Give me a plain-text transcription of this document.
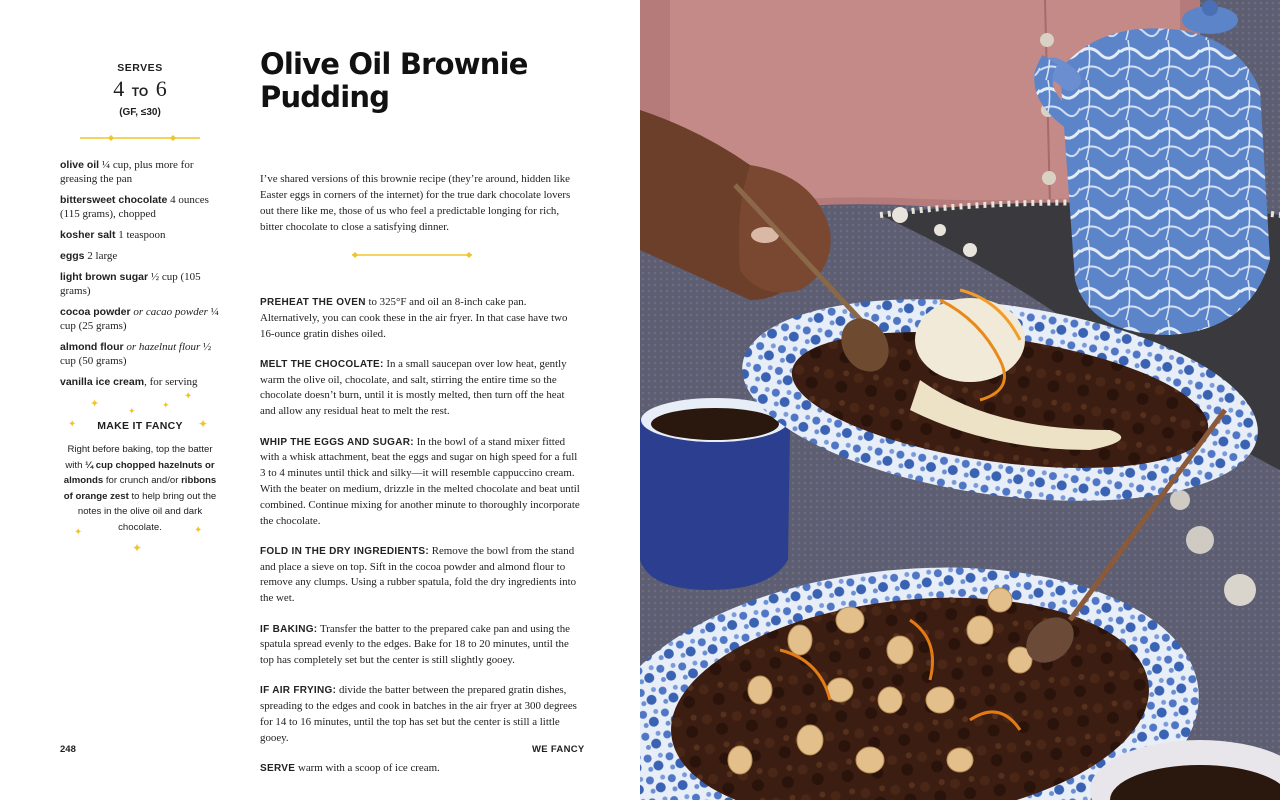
SERVES
4 TO 6
(GF, ≤30)
olive oil ¼ cup, plus more for greasing the pan
bittersweet chocolate 4 ounces (115 grams), chopped
kosher salt 1 teaspoon
eggs 2 large
light brown sugar ½ cup (105 grams)
cocoa powder or cacao powder ¼ cup (25 grams)
almond flour or hazelnut flour ½ cup (50 grams)
vanilla ice cream, for serving
✦
✦
✦
✦
✦	✦
✦	✦
✦
MAKE IT FANCY

Right before baking, top the batter with ¼ cup chopped hazelnuts or almonds for crunch and/or ribbons of orange zest to help bring out the notes in the olive oil and dark chocolate.

Olive Oil Brownie Pudding

I’ve shared versions of this brownie recipe (they’re around, hidden like Easter eggs in corners of the internet) for the true dark chocolate lovers out there like me, those of us who feel a predictable longing for rich, bitter chocolate to close a satisfying dinner.

PREHEAT THE OVEN to 325°F and oil an 8-inch cake pan. Alternatively, you can cook these in the air fryer. In that case have two 16-ounce gratin dishes oiled.

MELT THE CHOCOLATE: In a small saucepan over low heat, gently warm the olive oil, chocolate, and salt, stirring the entire time so the chocolate doesn’t burn, until it is mostly melted, then turn off the heat and allow any residual heat to melt the rest.

WHIP THE EGGS AND SUGAR: In the bowl of a stand mixer fitted with a whisk attachment, beat the eggs and sugar on high speed for a full 3 to 4 minutes until thick and silky—it will resemble cappuccino cream. With the beater on medium, drizzle in the melted chocolate and beat until combined. Continue mixing for another minute to thoroughly incorporate the chocolate.

FOLD IN THE DRY INGREDIENTS: Remove the bowl from the stand and place a sieve on top. Sift in the cocoa powder and almond flour to remove any clumps. Using a rubber spatula, fold the dry ingredients into the wet.

IF BAKING: Transfer the batter to the prepared cake pan and using the spatula spread evenly to the edges. Bake for 18 to 20 minutes, until the top has completely set but the center is still slightly gooey.

IF AIR FRYING: divide the batter between the prepared gratin dishes, spreading to the edges and cook in batches in the air fryer at 300 degrees for 14 to 16 minutes, until the top has set but the center is still a little gooey.

SERVE warm with a scoop of ice cream.

248	WE FANCY
